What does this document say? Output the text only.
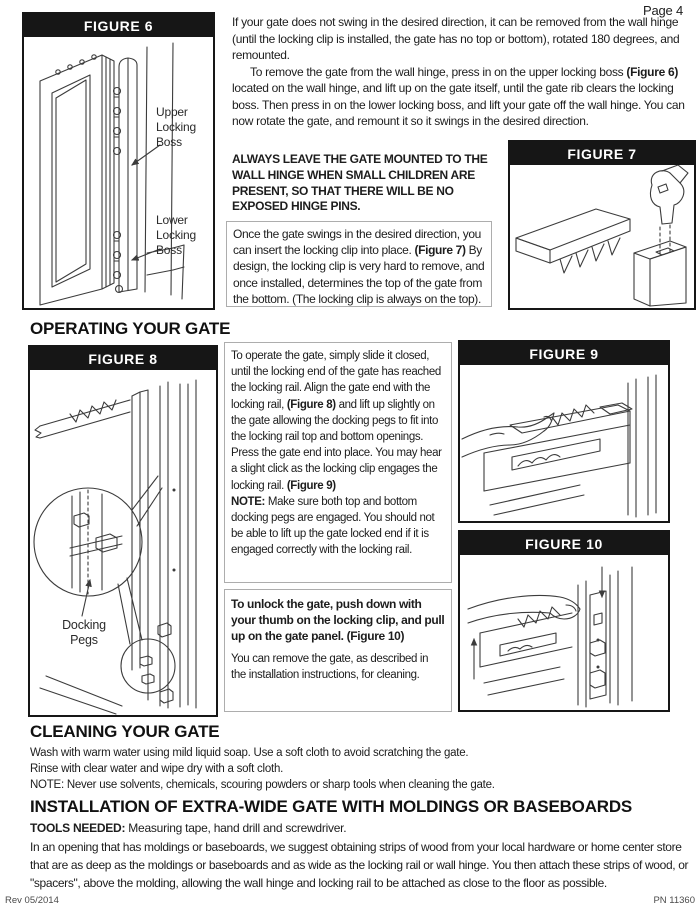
Page 4
FIGURE 6
Upper Locking Boss
Lower Locking Boss
If your gate does not swing in the desired direction, it can be removed from the wall hinge (until the locking clip is installed, the gate has no top or bottom), rotated 180 degrees, and remounted.
To remove the gate from the wall hinge, press in on the upper locking boss (Figure 6) located on the wall hinge, and lift up on the gate itself, until the gate rib clears the locking boss. Then press in on the lower locking boss, and lift your gate off the wall hinge. You can now rotate the gate, and remount it so it swings in the desired direction.
ALWAYS LEAVE THE GATE MOUNTED TO THE WALL HINGE WHEN SMALL CHILDREN ARE PRESENT, SO THAT THERE WILL BE NO EXPOSED HINGE PINS.
Once the gate swings in the desired direction, you can insert the locking clip into place. (Figure 7) By design, the locking clip is very hard to remove, and once installed, determines the top of the gate from the bottom. (The locking clip is always on the top).
FIGURE 7
OPERATING YOUR GATE
FIGURE 8
Docking Pegs
To operate the gate, simply slide it closed, until the locking end of the gate has reached the locking rail. Align the gate end with the locking rail, (Figure 8) and lift up slightly on the gate allowing the docking pegs to fit into the locking rail top and bottom openings. Press the gate end into place. You may hear a slight click as the locking clip engages the locking rail. (Figure 9)
NOTE: Make sure both top and bottom docking pegs are engaged. You should not be able to lift up the gate locked end if it is engaged correctly with the locking rail.
To unlock the gate, push down with your thumb on the locking clip, and pull up on the gate panel. (Figure 10)
You can remove the gate, as described in the installation instructions, for cleaning.
FIGURE 9
FIGURE 10
CLEANING YOUR GATE
Wash with warm water using mild liquid soap. Use a soft cloth to avoid scratching the gate.
Rinse with clear water and wipe dry with a soft cloth.
NOTE: Never use solvents, chemicals, scouring powders or sharp tools when cleaning the gate.
INSTALLATION OF EXTRA-WIDE GATE WITH MOLDINGS OR BASEBOARDS
TOOLS NEEDED: Measuring tape, hand drill and screwdriver.
In an opening that has moldings or baseboards, we suggest obtaining strips of wood from your local hardware or home center store that are as deep as the moldings or baseboards and as wide as the locking rail or wall hinge. You then attach these strips of wood, or "spacers", above the molding, allowing the wall hinge and locking rail to be attached as close to the floor as possible.
Rev 05/2014	PN 11360
